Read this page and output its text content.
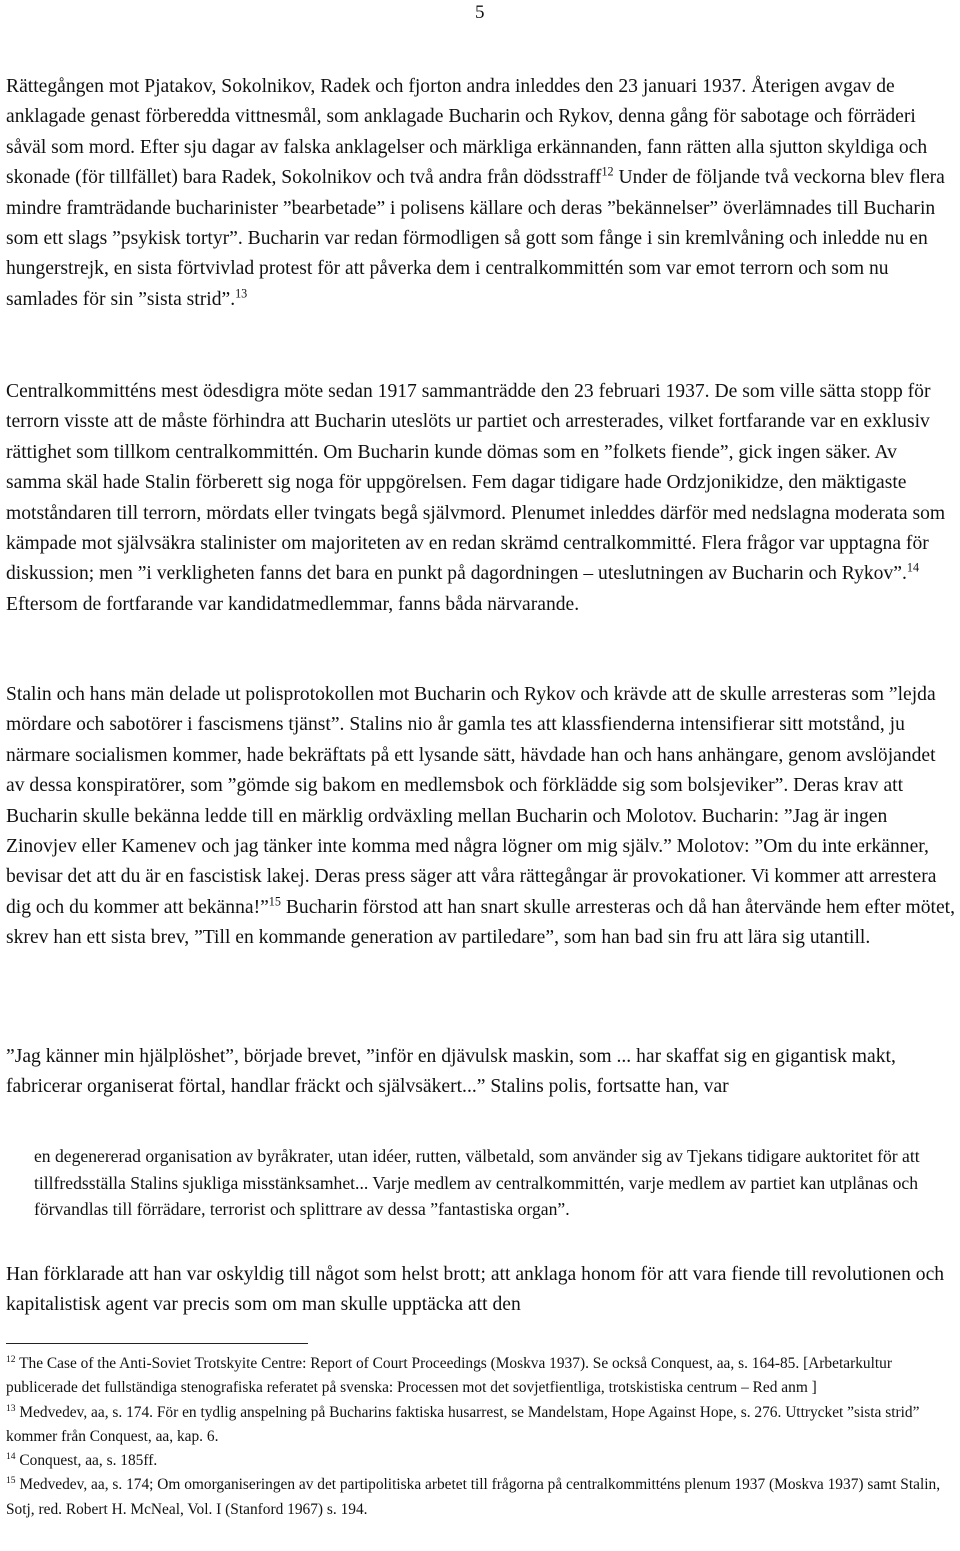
5

Rättegången mot Pjatakov, Sokolnikov, Radek och fjorton andra inleddes den 23 januari 1937. Återigen avgav de anklagade genast förberedda vittnesmål, som anklagade Bucharin och Rykov, denna gång för sabotage och förräderi såväl som mord. Efter sju dagar av falska anklagelser och märkliga erkännanden, fann rätten alla sjutton skyldiga och skonade (för tillfället) bara Radek, Sokolnikov och två andra från dödsstraff$^{12}$ Under de följande två veckorna blev flera mindre framträdande bucharinister ”bearbetade” i polisens källare och deras ”bekännelser” överlämnades till Bucharin som ett slags ”psykisk tortyr”. Bucharin var redan förmodligen så gott som fånge i sin kremlvåning och inledde nu en hungerstrejk, en sista förtvivlad protest för att påverka dem i centralkommittén som var emot terrorn och som nu samlades för sin ”sista strid”.$^{13}$

Centralkommitténs mest ödesdigra möte sedan 1917 sammanträdde den 23 februari 1937. De som ville sätta stopp för terrorn visste att de måste förhindra att Bucharin uteslöts ur partiet och arresterades, vilket fortfarande var en exklusiv rättighet som tillkom centralkommittén. Om Bucharin kunde dömas som en ”folkets fiende”, gick ingen säker. Av samma skäl hade Stalin förberett sig noga för uppgörelsen. Fem dagar tidigare hade Ordzjonikidze, den mäktigaste motståndaren till terrorn, mördats eller tvingats begå självmord. Plenumet inleddes därför med nedslagna moderata som kämpade mot självsäkra stalinister om majoriteten av en redan skrämd centralkommitté. Flera frågor var upptagna för diskussion; men ”i verkligheten fanns det bara en punkt på dagordningen – uteslutningen av Bucharin och Rykov”.$^{14}$ Eftersom de fortfarande var kandidatmedlemmar, fanns båda närvarande.

Stalin och hans män delade ut polisprotokollen mot Bucharin och Rykov och krävde att de skulle arresteras som ”lejda mördare och sabotörer i fascismens tjänst”. Stalins nio år gamla tes att klassfienderna intensifierar sitt motstånd, ju närmare socialismen kommer, hade bekräftats på ett lysande sätt, hävdade han och hans anhängare, genom avslöjandet av dessa konspiratörer, som ”gömde sig bakom en medlemsbok och förklädde sig som bolsjeviker”. Deras krav att Bucharin skulle bekänna ledde till en märklig ordväxling mellan Bucharin och Molotov. Bucharin: ”Jag är ingen Zinovjev eller Kamenev och jag tänker inte komma med några lögner om mig själv.” Molotov: ”Om du inte erkänner, bevisar det att du är en fascistisk lakej. Deras press säger att våra rättegångar är provokationer. Vi kommer att arrestera dig och du kommer att bekänna!”$^{15}$ Bucharin förstod att han snart skulle arresteras och då han återvände hem efter mötet, skrev han ett sista brev, ”Till en kommande generation av partiledare”, som han bad sin fru att lära sig utantill.

”Jag känner min hjälplöshet”, började brevet, ”inför en djävulsk maskin, som ... har skaffat sig en gigantisk makt, fabricerar organiserat förtal, handlar fräckt och självsäkert...” Stalins polis, fortsatte han, var

en degenererad organisation av byråkrater, utan idéer, rutten, välbetald, som använder sig av Tjekans tidigare auktoritet för att tillfredsställa Stalins sjukliga misstänksamhet... Varje medlem av centralkommittén, varje medlem av partiet kan utplånas och förvandlas till förrädare, terrorist och splittrare av dessa ”fantastiska organ”.

Han förklarade att han var oskyldig till något som helst brott; att anklaga honom för att vara fiende till revolutionen och kapitalistisk agent var precis som om man skulle upptäcka att den

$^{12}$ The Case of the Anti-Soviet Trotskyite Centre: Report of Court Proceedings (Moskva 1937). Se också Conquest, aa, s. 164-85. [Arbetarkultur publicerade det fullständiga stenografiska referatet på svenska: Processen mot det sovjetfientliga, trotskistiska centrum – Red anm ]

$^{13}$ Medvedev, aa, s. 174. För en tydlig anspelning på Bucharins faktiska husarrest, se Mandelstam, Hope Against Hope, s. 276. Uttrycket ”sista strid” kommer från Conquest, aa, kap. 6.

$^{14}$ Conquest, aa, s. 185ff.

$^{15}$ Medvedev, aa, s. 174; Om omorganiseringen av det partipolitiska arbetet till frågorna på centralkommitténs plenum 1937 (Moskva 1937) samt Stalin, Sotj, red. Robert H. McNeal, Vol. I (Stanford 1967) s. 194.
